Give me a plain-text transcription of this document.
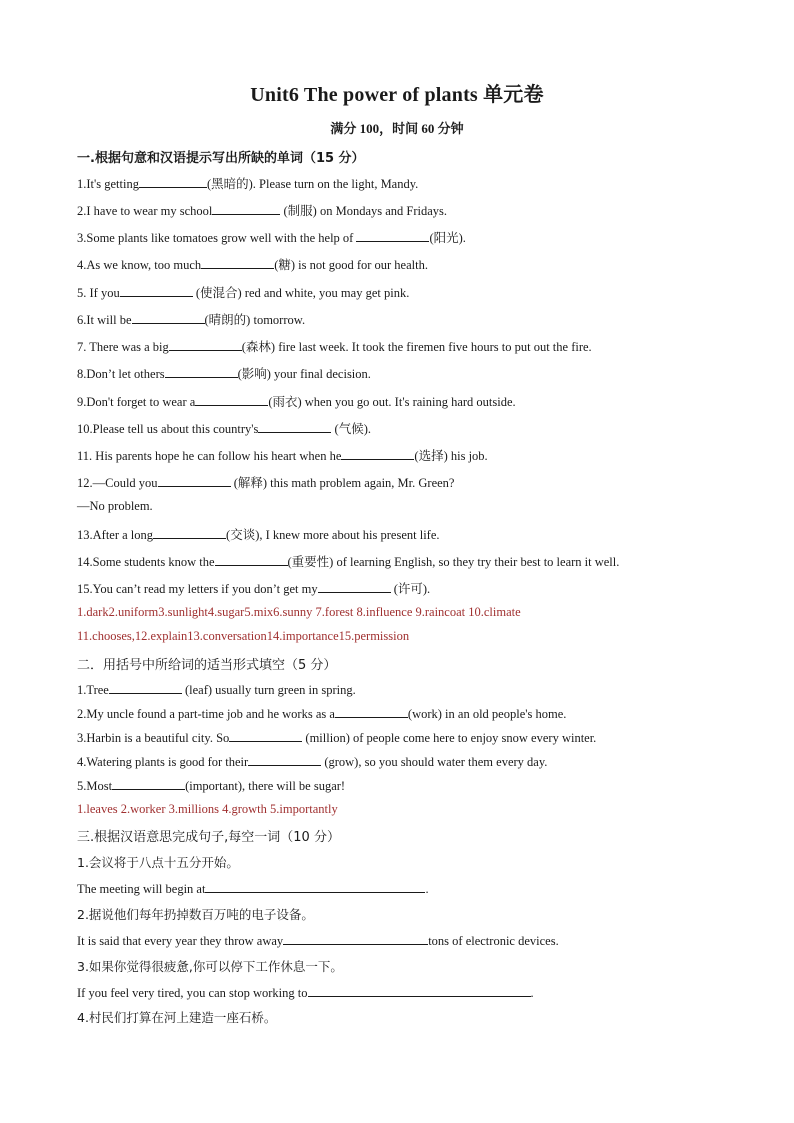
Unit6 The power of plants 单元卷
满分 100，时间 60 分钟
一.根据句意和汉语提示写出所缺的单词（15 分）
1.It's getting	(黑暗的). Please turn on the light, Mandy.
2.I have to wear my school	(制服) on Mondays and Fridays.
3.Some plants like tomatoes grow well with the help of	(阳光).
4.As we know, too much	(糖) is not good for our health.
5. If you	(使混合) red and white, you may get pink.
6.It will be	(晴朗的) tomorrow.
7. There was a big	(森林) fire last week. It took the firemen five hours to put out the fire.
8.Don’t let others	(影响) your final decision.
9.Don't forget to wear a	(雨衣) when you go out. It's raining hard outside.
10.Please tell us about this country's	(气候).
11. His parents hope he can follow his heart when he	(选择) his job.
12.—Could you	(解释) this math problem again, Mr. Green?
—No problem.
13.After a long	(交谈), I knew more about his present life.
14.Some students know the	(重要性) of learning English, so they try their best to learn it well.
15.You can’t read my letters if you don’t get my	(许可).
1.dark2.uniform3.sunlight4.sugar5.mix6.sunny 7.forest 8.influence 9.raincoat 10.climate
11.chooses,12.explain13.conversation14.importance15.permission
二．用括号中所给词的适当形式填空（5 分）
1.Tree	(leaf) usually turn green in spring.
2.My uncle found a part-time job and he works as a	(work) in an old people's home.
3.Harbin is a beautiful city. So	(million) of people come here to enjoy snow every winter.
4.Watering plants is good for their	(grow), so you should water them every day.
5.Most	(important), there will be sugar!
1.leaves 2.worker 3.millions 4.growth 5.importantly
三.根据汉语意思完成句子,每空一词（10 分）
1.会议将于八点十五分开始。
The meeting will begin at	.
2.据说他们每年扔掉数百万吨的电子设备。
It is said that every year they throw away	tons of electronic devices.
3.如果你觉得很疲惫,你可以停下工作休息一下。
If you feel very tired, you can stop working to	.
4.村民们打算在河上建造一座石桥。
